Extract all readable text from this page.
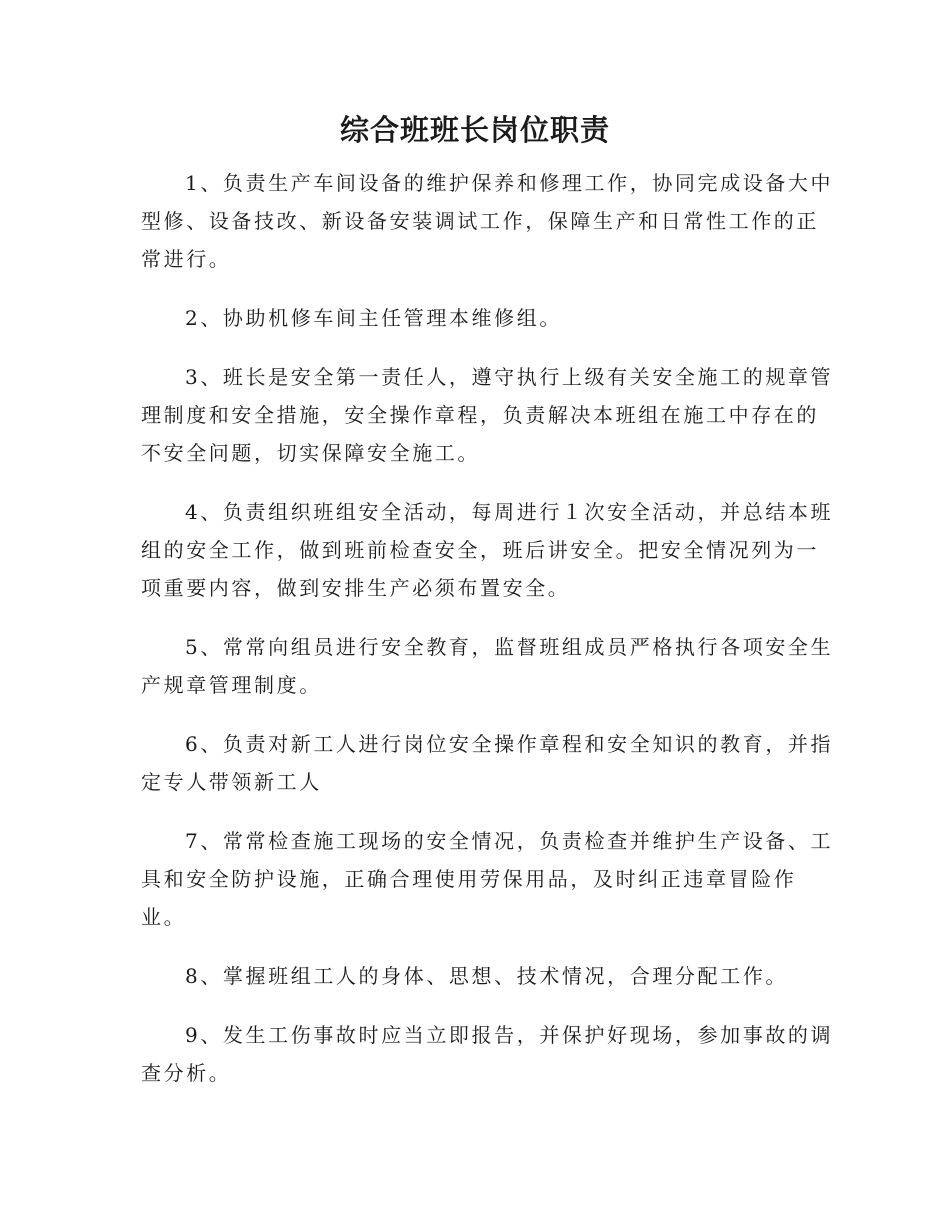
综合班班长岗位职责

1、负责生产车间设备的维护保养和修理工作，协同完成设备大中
型修、设备技改、新设备安装调试工作，保障生产和日常性工作的正
常进行。

2、协助机修车间主任管理本维修组。

3、班长是安全第一责任人，遵守执行上级有关安全施工的规章管
理制度和安全措施，安全操作章程，负责解决本班组在施工中存在的
不安全问题，切实保障安全施工。

4、负责组织班组安全活动，每周进行１次安全活动，并总结本班
组的安全工作，做到班前检查安全，班后讲安全。把安全情况列为一
项重要内容，做到安排生产必须布置安全。

5、常常向组员进行安全教育，监督班组成员严格执行各项安全生
产规章管理制度。

6、负责对新工人进行岗位安全操作章程和安全知识的教育，并指
定专人带领新工人

7、常常检查施工现场的安全情况，负责检查并维护生产设备、工
具和安全防护设施，正确合理使用劳保用品，及时纠正违章冒险作
业。

8、掌握班组工人的身体、思想、技术情况，合理分配工作。

9、发生工伤事故时应当立即报告，并保护好现场，参加事故的调
查分析。
